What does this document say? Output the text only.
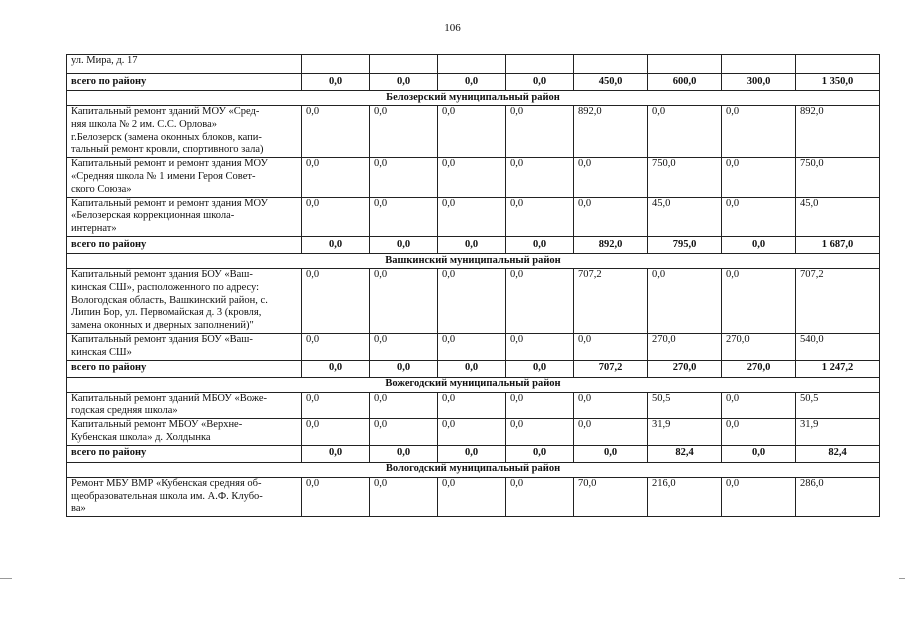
106
ул. Мира, д. 17								
всего по району	0,0	0,0	0,0	0,0	450,0	600,0	300,0	1 350,0
Белозерский муниципальный район								
Капитальный ремонт зданий МОУ «Сред-
няя школа № 2 им. С.С. Орлова»
г.Белозерск (замена оконных блоков, капи-
тальный ремонт кровли, спортивного зала)	0,0	0,0	0,0	0,0	892,0	0,0	0,0	892,0
Капитальный ремонт и ремонт здания МОУ
«Средняя школа № 1 имени Героя Совет-
ского Союза»	0,0	0,0	0,0	0,0	0,0	750,0	0,0	750,0
Капитальный ремонт и ремонт здания МОУ
«Белозерская коррекционная школа-
интернат»	0,0	0,0	0,0	0,0	0,0	45,0	0,0	45,0
всего по району	0,0	0,0	0,0	0,0	892,0	795,0	0,0	1 687,0
Вашкинский муниципальный район								
Капитальный ремонт здания БОУ «Ваш-
кинская СШ», расположенного по адресу:
Вологодская область, Вашкинский район, с.
Липин Бор, ул. Первомайская д. 3 (кровля,
замена оконных и дверных заполнений)"	0,0	0,0	0,0	0,0	707,2	0,0	0,0	707,2
Капитальный ремонт здания БОУ «Ваш-
кинская СШ»	0,0	0,0	0,0	0,0	0,0	270,0	270,0	540,0
всего по району	0,0	0,0	0,0	0,0	707,2	270,0	270,0	1 247,2
Вожегодский муниципальный район								
Капитальный ремонт зданий МБОУ «Воже-
годская средняя школа»	0,0	0,0	0,0	0,0	0,0	50,5	0,0	50,5
Капитальный ремонт МБОУ «Верхне-
Кубенская школа» д. Холдынка	0,0	0,0	0,0	0,0	0,0	31,9	0,0	31,9
всего по району	0,0	0,0	0,0	0,0	0,0	82,4	0,0	82,4
Вологодский муниципальный район								
Ремонт МБУ ВМР «Кубенская средняя об-
щеобразовательная школа им. А.Ф. Клубо-
ва»	0,0	0,0	0,0	0,0	70,0	216,0	0,0	286,0
